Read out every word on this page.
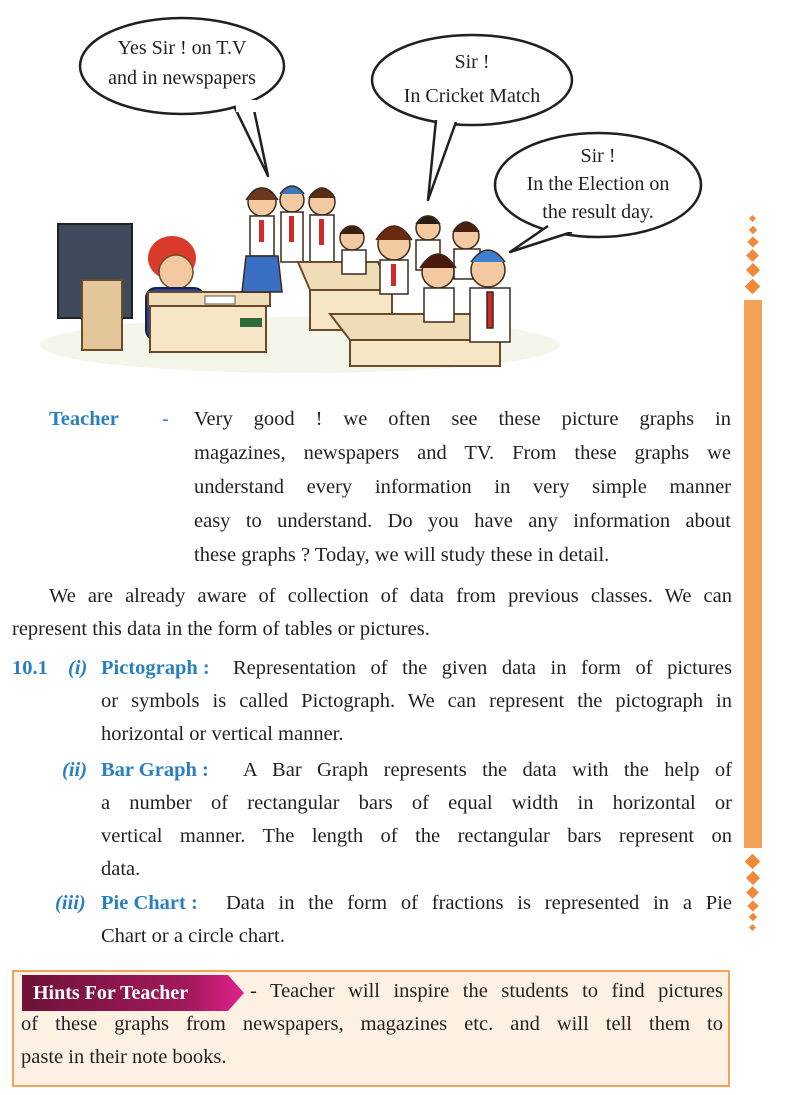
Yes Sir ! on T.V
and in newspapers
Sir !
In Cricket Match
Sir !
In the Election on
the result day.
Teacher - Very good ! we often see these picture graphs in
magazines, newspapers and TV. From these graphs we
understand every information in very simple manner
easy to understand. Do you have any information about
these graphs ? Today, we will study these in detail.
We are already aware of collection of data from previous classes. We can
represent this data in the form of tables or pictures.
10.1 (i) Pictograph : Representation of the given data in form of pictures
or symbols is called Pictograph. We can represent the pictograph in
horizontal or vertical manner.
(ii) Bar Graph : A Bar Graph represents the data with the help of
a number of rectangular bars of equal width in horizontal or
vertical manner. The length of the rectangular bars represent on
data.
(iii) Pie Chart : Data in the form of fractions is represented in a Pie
Chart or a circle chart.
Hints For Teacher	- Teacher will inspire the students to find pictures
of these graphs from newspapers, magazines etc. and will tell them to
paste in their note books.
